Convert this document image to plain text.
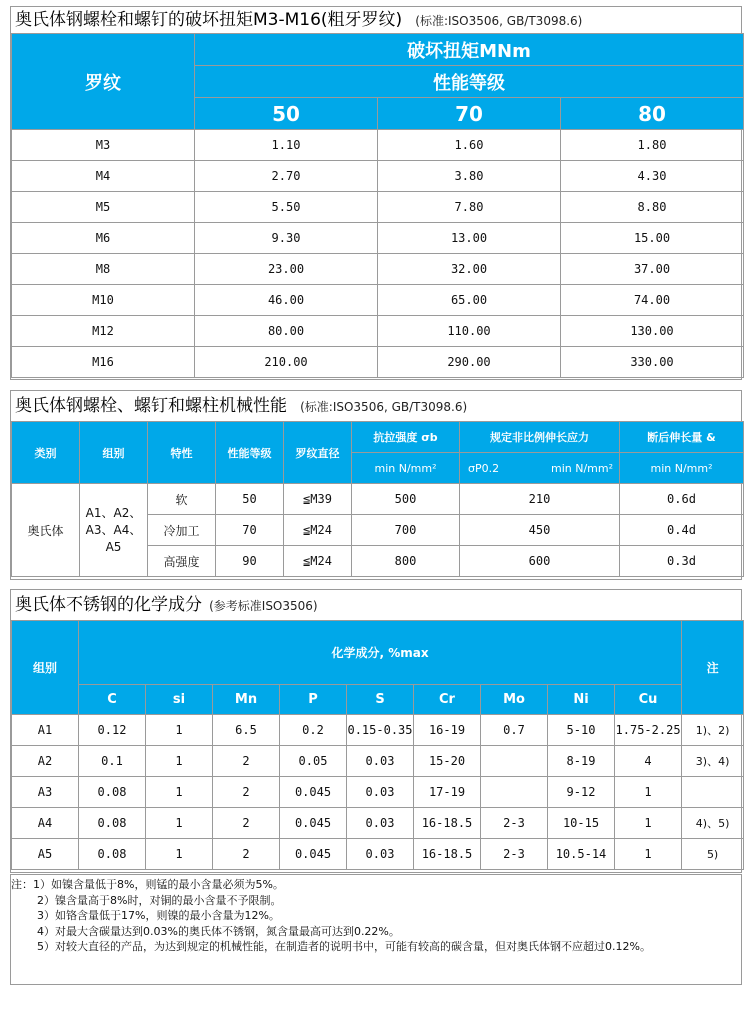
奥氏体钢螺栓和螺钉的破坏扭矩M3-M16(粗牙罗纹) (标准:ISO3506, GB/T3098.6)
罗纹	破坏扭矩MNm		
	性能等级		
	50	70	80
M3	1.10	1.60	1.80
M4	2.70	3.80	4.30
M5	5.50	7.80	8.80
M6	9.30	13.00	15.00
M8	23.00	32.00	37.00
M10	46.00	65.00	74.00
M12	80.00	110.00	130.00
M16	210.00	290.00	330.00
奥氏体钢螺栓、螺钉和螺柱机械性能 (标准:ISO3506, GB/T3098.6)
类别	组别	特性	性能等级	罗纹直径	抗拉强度 σb	规定非比例伸长应力	断后伸长量 &
					min N/mm²	σP0.2 min N/mm²	min N/mm²
奥氏体	A1、A2、A3、A4、A5	软	50	≦M39	500	210	0.6d
		冷加工	70	≦M24	700	450	0.4d
		高强度	90	≦M24	800	600	0.3d
奥氏体不锈钢的化学成分 (参考标准ISO3506)
组别	化学成分, %max									注
	C	si	Mn	P	S	Cr	Mo	Ni	Cu	
A1	0.12	1	6.5	0.2	0.15-0.35	16-19	0.7	5-10	1.75-2.25	1)、2)
A2	0.1	1	2	0.05	0.03	15-20		8-19	4	3)、4)
A3	0.08	1	2	0.045	0.03	17-19		9-12	1	
A4	0.08	1	2	0.045	0.03	16-18.5	2-3	10-15	1	4)、5)
A5	0.08	1	2	0.045	0.03	16-18.5	2-3	10.5-14	1	5)
注：1）如镍含量低于8%，则锰的最小含量必须为5%。
2）镍含量高于8%时，对铜的最小含量不予限制。
3）如铬含量低于17%，则镍的最小含量为12%。
4）对最大含碳量达到0.03%的奥氏体不锈钢，氮含量最高可达到0.22%。
5）对较大直径的产品，为达到规定的机械性能，在制造者的说明书中，可能有较高的碳含量，但对奥氏体钢不应超过0.12%。
